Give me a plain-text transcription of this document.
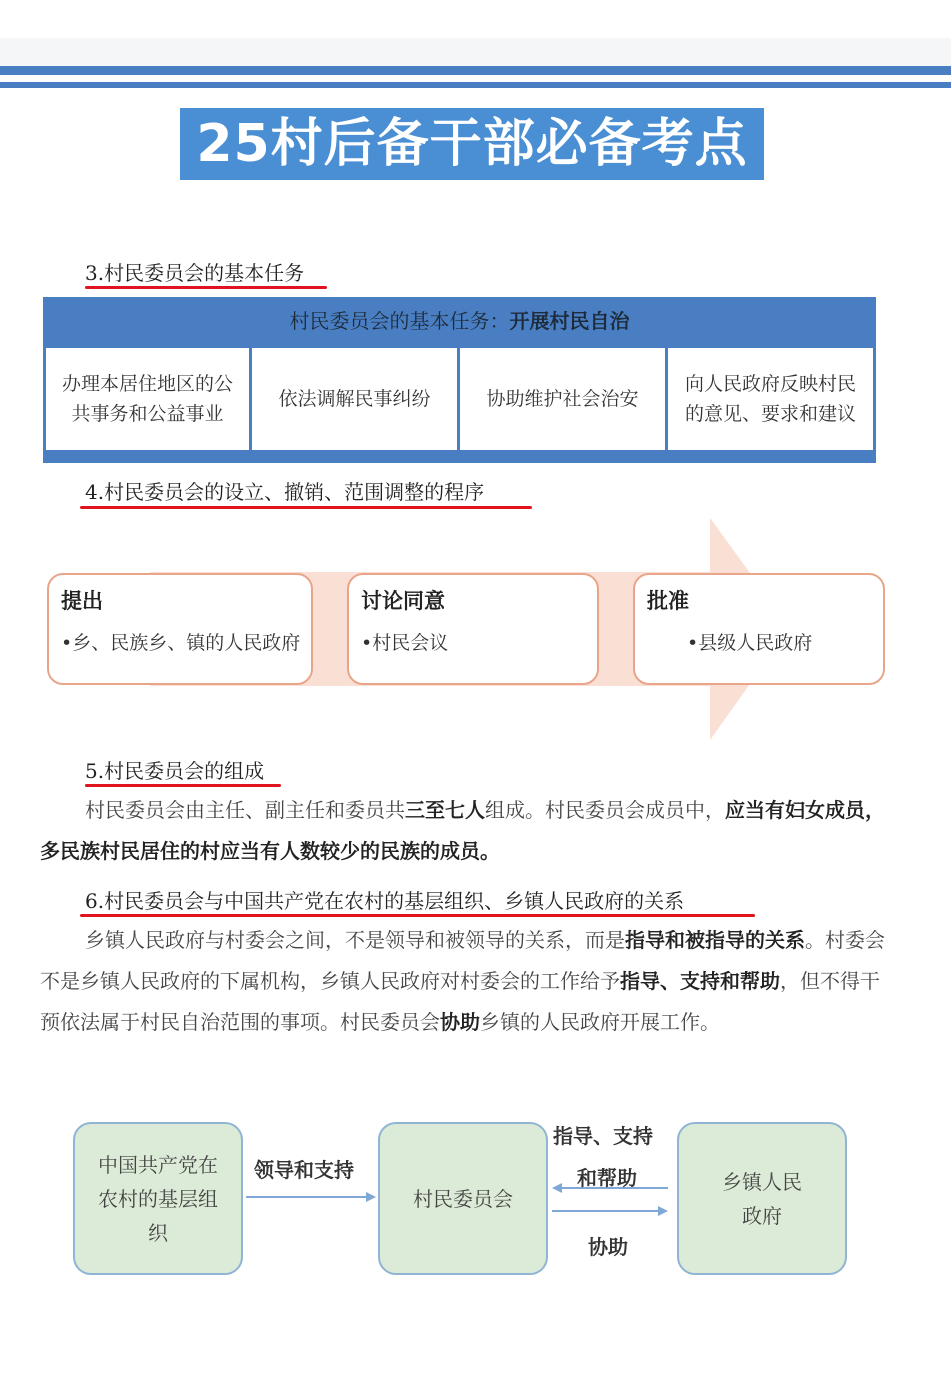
25村后备干部必备考点
3.村民委员会的基本任务
村民委员会的基本任务：开展村民自治
办理本居住地区的公共事务和公益事业
依法调解民事纠纷	协助维护社会治安
向人民政府反映村民的意见、要求和建议
4.村民委员会的设立、撤销、范围调整的程序
提出
•乡、民族乡、镇的人民政府
讨论同意
•村民会议
批准
•县级人民政府
5.村民委员会的组成
村民委员会由主任、副主任和委员共三至七人组成。村民委员会成员中，应当有妇女成员，多民族村民居住的村应当有人数较少的民族的成员。
6.村民委员会与中国共产党在农村的基层组织、乡镇人民政府的关系
乡镇人民政府与村委会之间，不是领导和被领导的关系，而是指导和被指导的关系。村委会不是乡镇人民政府的下属机构，乡镇人民政府对村委会的工作给予指导、支持和帮助，但不得干预依法属于村民自治范围的事项。村民委员会协助乡镇的人民政府开展工作。
中国共产党在农村的基层组织
村民委员会
乡镇人民政府
领导和支持
指导、支持
和帮助
协助
